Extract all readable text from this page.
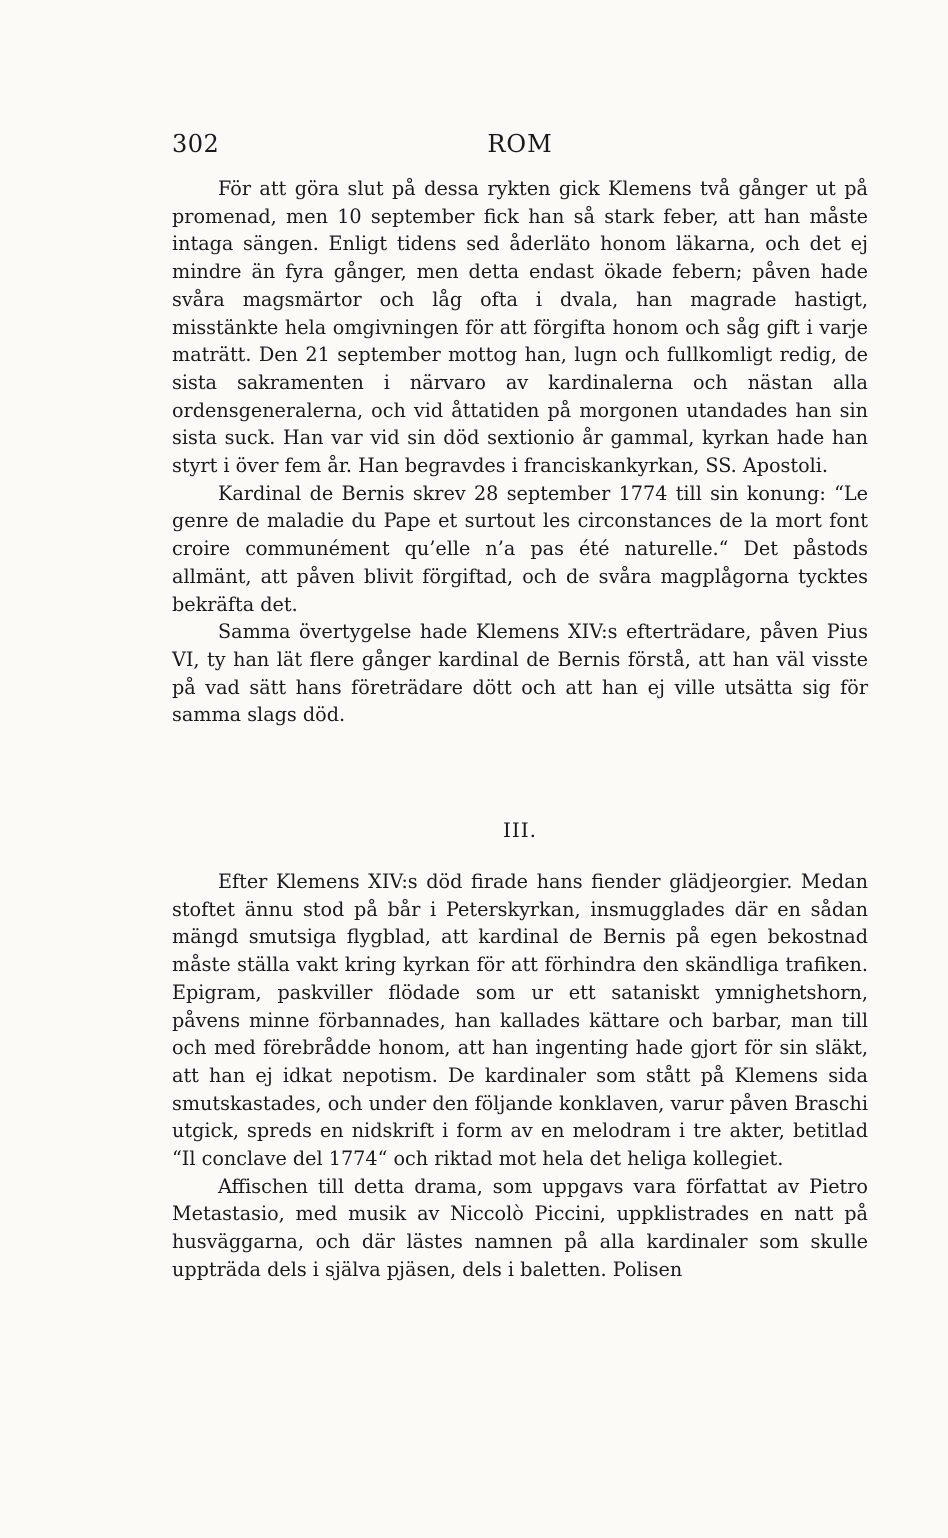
302	ROM

För att göra slut på dessa rykten gick Klemens två gånger ut på promenad, men 10 september fick han så stark feber, att han måste intaga sängen. Enligt tidens sed åderläto honom läkarna, och det ej mindre än fyra gånger, men detta endast ökade febern; påven hade svåra magsmärtor och låg ofta i dvala, han magrade hastigt, misstänkte hela omgivningen för att förgifta honom och såg gift i varje maträtt. Den 21 september mottog han, lugn och fullkomligt redig, de sista sakramenten i närvaro av kardinalerna och nästan alla ordensgeneralerna, och vid åttatiden på morgonen utandades han sin sista suck. Han var vid sin död sextionio år gammal, kyrkan hade han styrt i över fem år. Han begravdes i franciskankyrkan, SS. Apostoli.

Kardinal de Bernis skrev 28 september 1774 till sin konung: “Le genre de maladie du Pape et surtout les circonstances de la mort font croire communément qu’elle n’a pas été naturelle.“ Det påstods allmänt, att påven blivit förgiftad, och de svåra magplågorna tycktes bekräfta det.

Samma övertygelse hade Klemens XIV:s efterträdare, påven Pius VI, ty han lät flere gånger kardinal de Bernis förstå, att han väl visste på vad sätt hans företrädare dött och att han ej ville utsätta sig för samma slags död.

III.

Efter Klemens XIV:s död firade hans fiender glädjeorgier. Medan stoftet ännu stod på bår i Peterskyrkan, insmugglades där en sådan mängd smutsiga flygblad, att kardinal de Bernis på egen bekostnad måste ställa vakt kring kyrkan för att förhindra den skändliga trafiken. Epigram, paskviller flödade som ur ett sataniskt ymnighetshorn, påvens minne förbannades, han kallades kättare och barbar, man till och med förebrådde honom, att han ingenting hade gjort för sin släkt, att han ej idkat nepotism. De kardinaler som stått på Klemens sida smutskastades, och under den följande konklaven, varur påven Braschi utgick, spreds en nidskrift i form av en melodram i tre akter, betitlad “Il conclave del 1774“ och riktad mot hela det heliga kollegiet.

Affischen till detta drama, som uppgavs vara författat av Pietro Metastasio, med musik av Niccolò Piccini, uppklistrades en natt på husväggarna, och där lästes namnen på alla kardinaler som skulle uppträda dels i själva pjäsen, dels i baletten. Polisen
